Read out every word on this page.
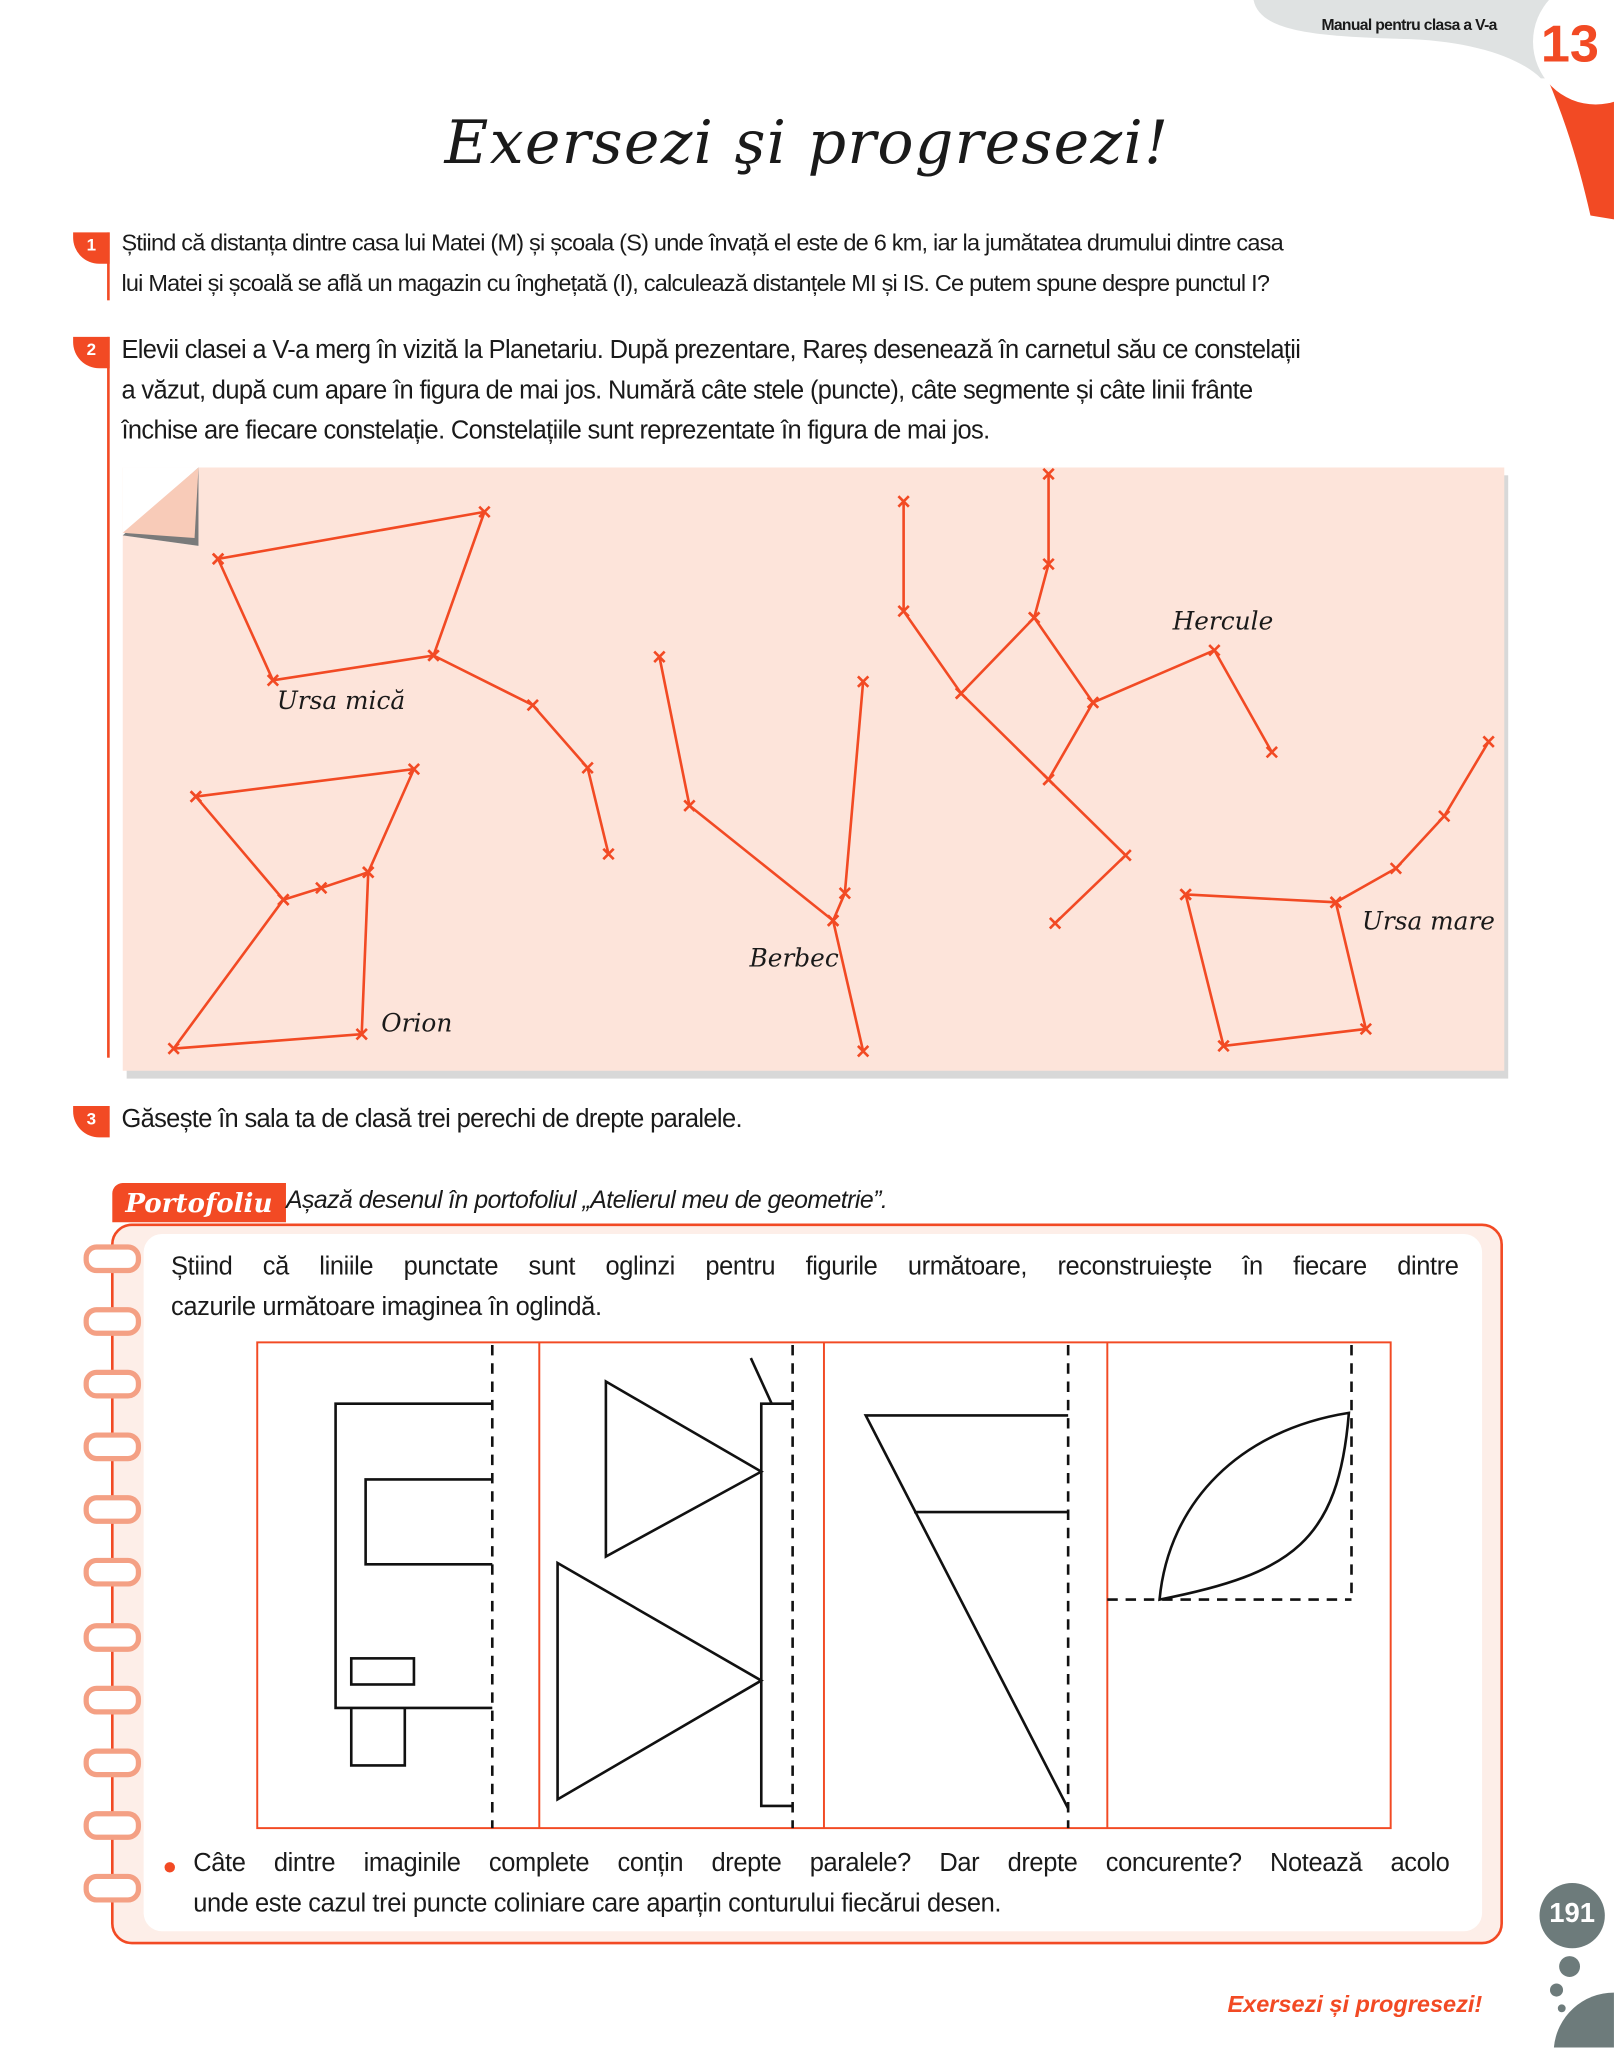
Manual pentru clasa a V-a 13
Exersezi şi progresezi!
1	Știind că distanța dintre casa lui Matei (M) și școala (S) unde învață el este de 6 km, iar la jumătatea drumului dintre casa
lui Matei și școală se află un magazin cu înghețată (I), calculează distanțele MI și IS. Ce putem spune despre punctul I?
2	Elevii clasei a V-a merg în vizită la Planetariu. După prezentare, Rareș desenează în carnetul său ce constelații
a văzut, după cum apare în figura de mai jos. Numără câte stele (puncte), câte segmente și câte linii frânte
închise are fiecare constelație. Constelațiile sunt reprezentate în figura de mai jos.
Ursa mică
Orion
Berbec
Hercule
Ursa mare
3	Găsește în sala ta de clasă trei perechi de drepte paralele.
Portofoliu Așază desenul în portofoliul „Atelierul meu de geometrie”.
Știind că liniile punctate sunt oglinzi pentru figurile următoare, reconstruiește în fiecare dintre
cazurile următoare imaginea în oglindă.
Câte dintre imaginile complete conțin drepte paralele? Dar drepte concurente? Notează acolo
unde este cazul trei puncte coliniare care aparțin conturului fiecărui desen.	191
Exersezi și progresezi!
